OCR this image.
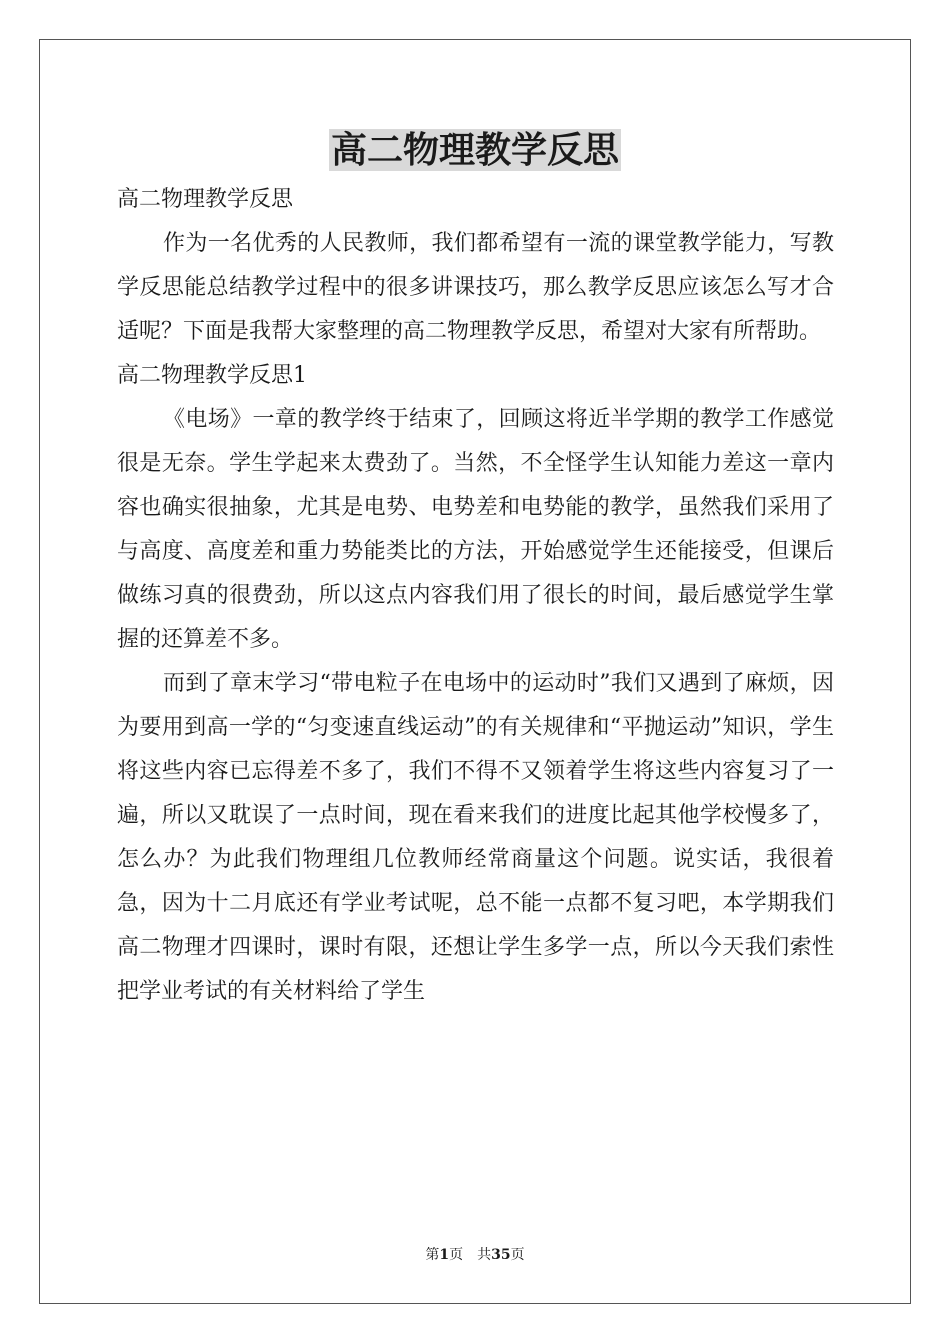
高二物理教学反思

高二物理教学反思

作为一名优秀的人民教师，我们都希望有一流的课堂教学能力，写教学反思能总结教学过程中的很多讲课技巧，那么教学反思应该怎么写才合适呢？下面是我帮大家整理的高二物理教学反思，希望对大家有所帮助。

高二物理教学反思1

《电场》一章的教学终于结束了，回顾这将近半学期的教学工作感觉很是无奈。学生学起来太费劲了。当然，不全怪学生认知能力差这一章内容也确实很抽象，尤其是电势、电势差和电势能的教学，虽然我们采用了与高度、高度差和重力势能类比的方法，开始感觉学生还能接受，但课后做练习真的很费劲，所以这点内容我们用了很长的时间，最后感觉学生掌握的还算差不多。

而到了章末学习“带电粒子在电场中的运动时”我们又遇到了麻烦，因为要用到高一学的“匀变速直线运动”的有关规律和“平抛运动”知识，学生将这些内容已忘得差不多了，我们不得不又领着学生将这些内容复习了一遍，所以又耽误了一点时间，现在看来我们的进度比起其他学校慢多了，怎么办？为此我们物理组几位教师经常商量这个问题。说实话，我很着急，因为十二月底还有学业考试呢，总不能一点都不复习吧，本学期我们高二物理才四课时，课时有限，还想让学生多学一点，所以今天我们索性把学业考试的有关材料给了学生

第1页 共35页
